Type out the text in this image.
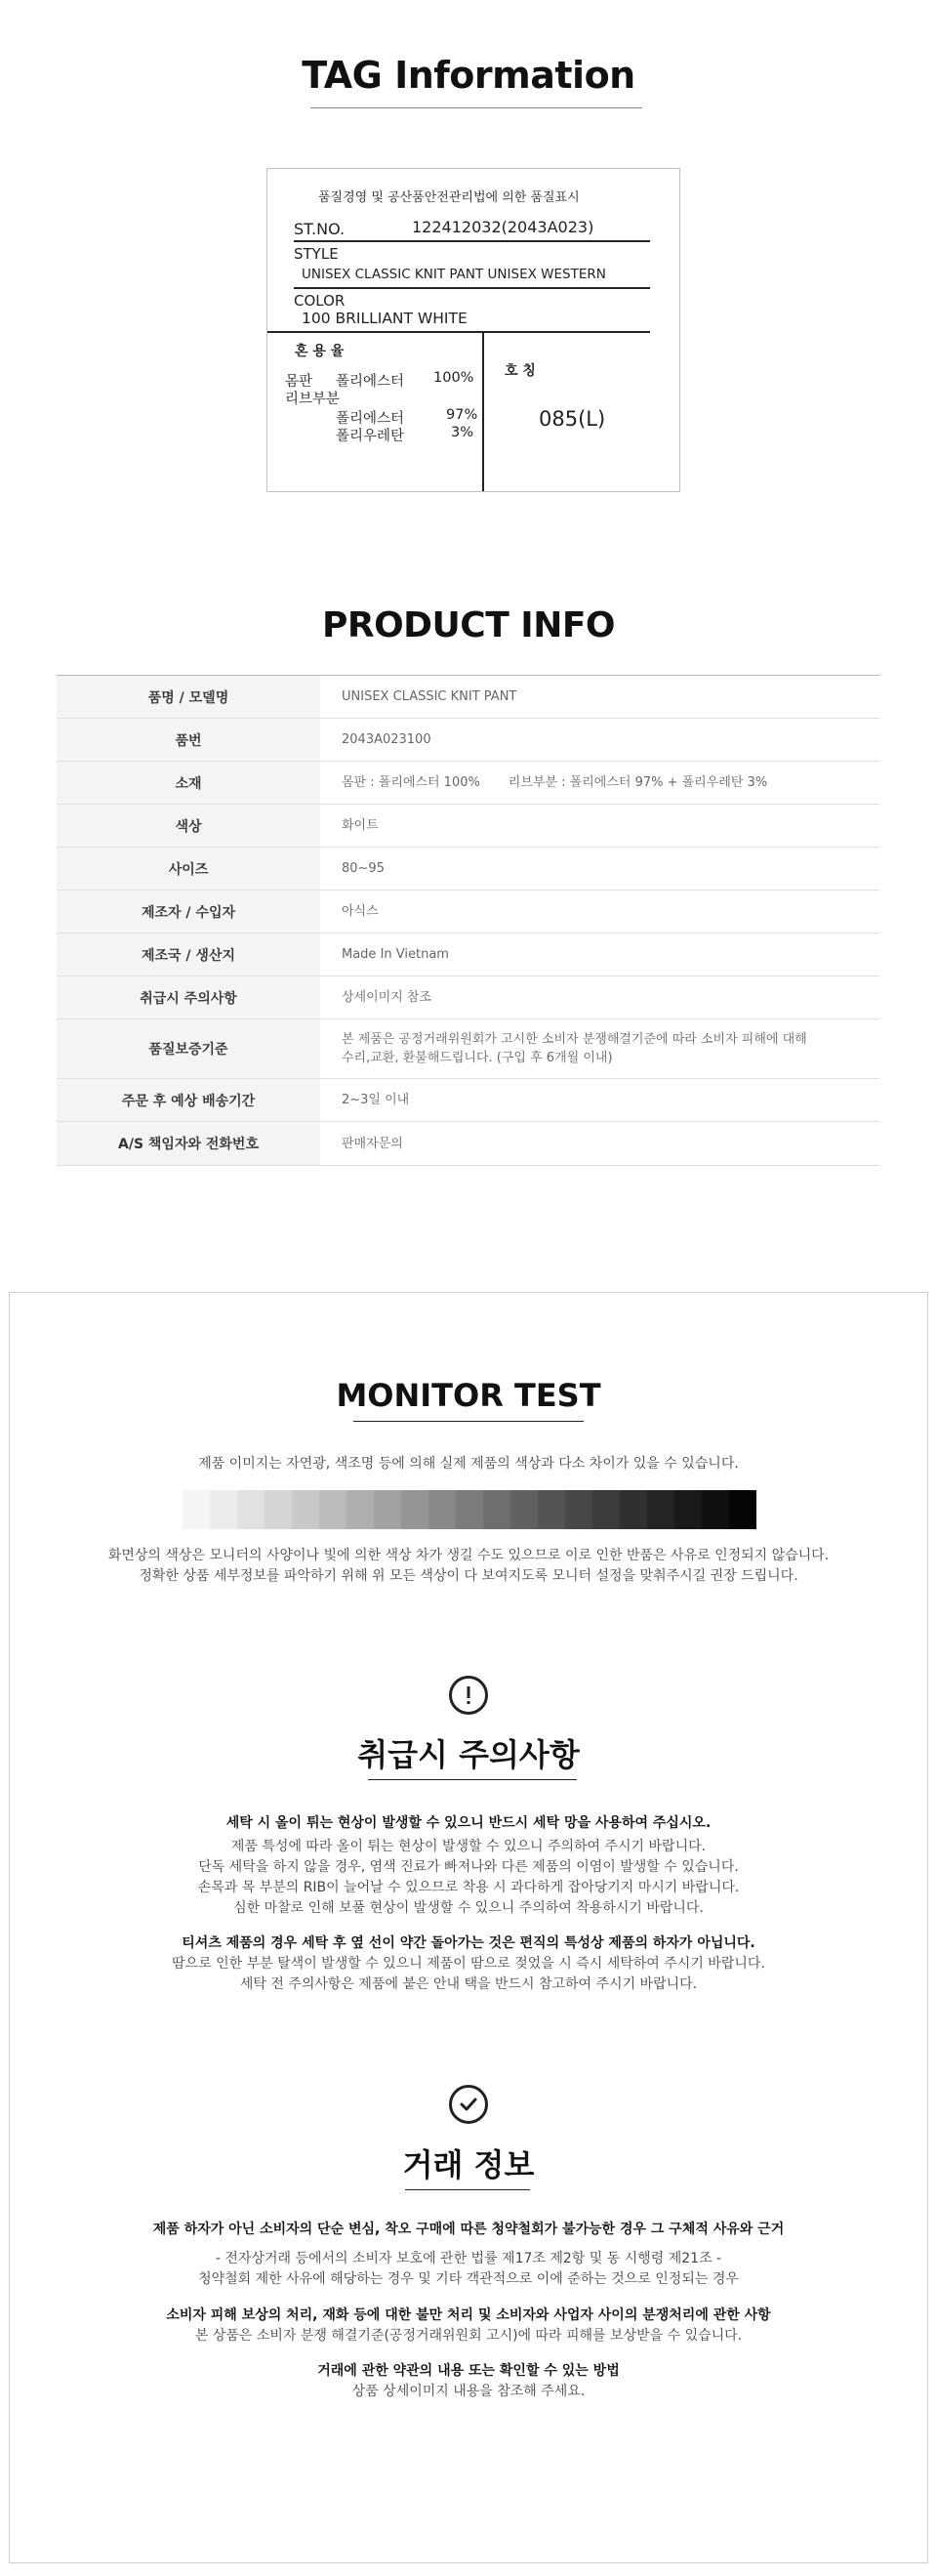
TAG Information
품질경영 및 공산품안전관리법에 의한 품질표시
ST.NO.	122412032(2043A023)
STYLE
UNISEX CLASSIC KNIT PANT UNISEX WESTERN
COLOR
100 BRILLIANT WHITE
혼 용 율
몸판 폴리에스터 100%
리브부분
폴리에스터	97%
폴리우레탄	3%
호 칭
085(L)
PRODUCT INFO
품명 / 모델명	UNISEX CLASSIC KNIT PANT
품번	2043A023100
소재	몸판 : 폴리에스터 100%       리브부분 : 폴리에스터 97% + 폴리우레탄 3%
색상	화이트
사이즈	80~95
제조자 / 수입자	아식스
제조국 / 생산지	Made In Vietnam
취급시 주의사항	상세이미지 참조
품질보증기준
본 제품은 공정거래위원회가 고시한 소비자 분쟁해결기준에 따라 소비자 피해에 대해
수리,교환, 환불해드립니다. (구입 후 6개월 이내)
주문 후 예상 배송기간	2~3일 이내
A/S 책임자와 전화번호	판매자문의
MONITOR TEST
제품 이미지는 자연광, 색조명 등에 의해 실제 제품의 색상과 다소 차이가 있을 수 있습니다.
화면상의 색상은 모니터의 사양이나 빛에 의한 색상 차가 생길 수도 있으므로 이로 인한 반품은 사유로 인정되지 않습니다.
정확한 상품 세부정보를 파악하기 위해 위 모든 색상이 다 보여지도록 모니터 설정을 맞춰주시길 권장 드립니다.
취급시 주의사항
세탁 시 올이 튀는 현상이 발생할 수 있으니 반드시 세탁 망을 사용하여 주십시오.
제품 특성에 따라 올이 튀는 현상이 발생할 수 있으니 주의하여 주시기 바랍니다.
단독 세탁을 하지 않을 경우, 염색 진료가 빠져나와 다른 제품의 이염이 발생할 수 있습니다.
손목과 목 부분의 RIB이 늘어날 수 있으므로 착용 시 과다하게 잡아당기지 마시기 바랍니다.
심한 마찰로 인해 보풀 현상이 발생할 수 있으니 주의하여 착용하시기 바랍니다.
티셔츠 제품의 경우 세탁 후 옆 선이 약간 돌아가는 것은 편직의 특성상 제품의 하자가 아닙니다.
땀으로 인한 부분 탈색이 발생할 수 있으니 제품이 땀으로 젖었을 시 즉시 세탁하여 주시기 바랍니다.
세탁 전 주의사항은 제품에 붙은 안내 택을 반드시 참고하여 주시기 바랍니다.
거래 정보
제품 하자가 아닌 소비자의 단순 변심, 착오 구매에 따른 청약철회가 불가능한 경우 그 구체적 사유와 근거
- 전자상거래 등에서의 소비자 보호에 관한 법률 제17조 제2항 및 동 시행령 제21조 -
청약철회 제한 사유에 해당하는 경우 및 기타 객관적으로 이에 준하는 것으로 인정되는 경우
소비자 피해 보상의 처리, 재화 등에 대한 불만 처리 및 소비자와 사업자 사이의 분쟁처리에 관한 사항
본 상품은 소비자 분쟁 해결기준(공정거래위원회 고시)에 따라 피해를 보상받을 수 있습니다.
거래에 관한 약관의 내용 또는 확인할 수 있는 방법
상품 상세이미지 내용을 참조해 주세요.
